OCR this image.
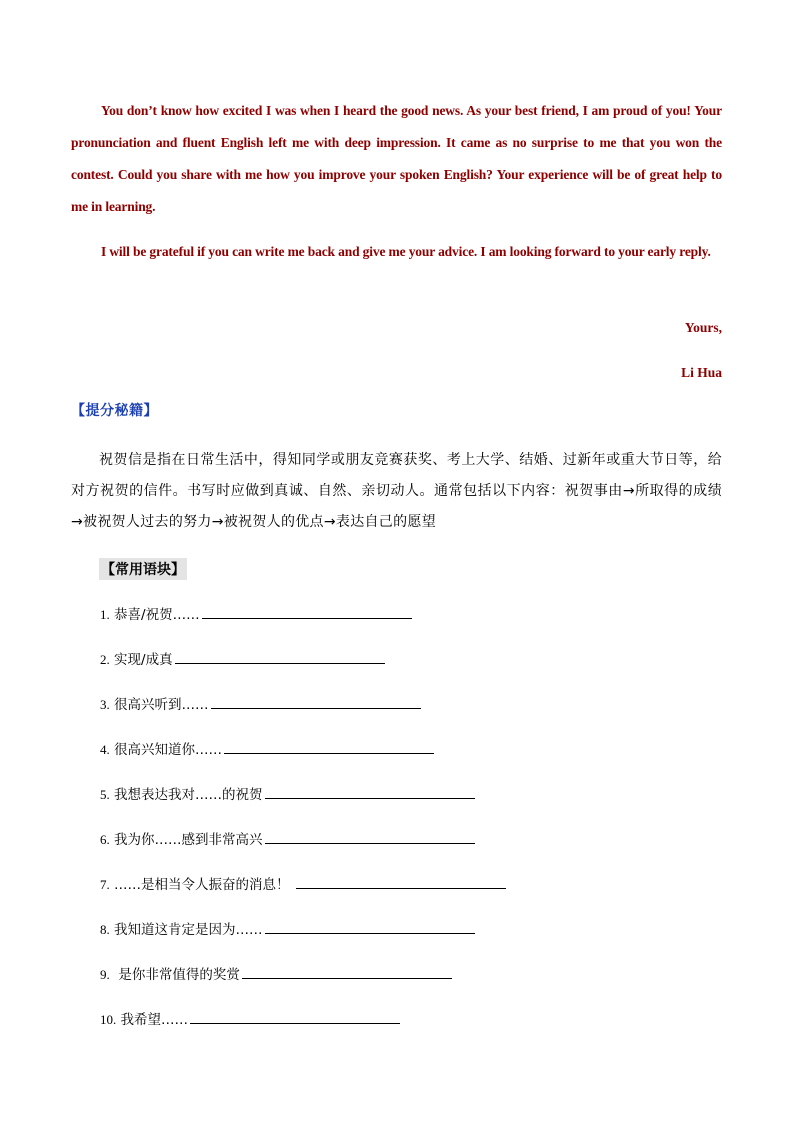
You don’t know how excited I was when I heard the good news. As your best friend, I am proud of you! Your pronunciation and fluent English left me with deep impression. It came as no surprise to me that you won the contest. Could you share with me how you improve your spoken English? Your experience will be of great help to me in learning.
I will be grateful if you can write me back and give me your advice. I am looking forward to your early reply.
Yours,
Li Hua
【提分秘籍】
祝贺信是指在日常生活中，得知同学或朋友竞赛获奖、考上大学、结婚、过新年或重大节日等，给对方祝贺的信件。书写时应做到真诚、自然、亲切动人。通常包括以下内容：祝贺事由→所取得的成绩→被祝贺人过去的努力→被祝贺人的优点→表达自己的愿望
【常用语块】
1. 恭喜/祝贺……
2. 实现/成真
3. 很高兴听到……
4. 很高兴知道你……
5. 我想表达我对……的祝贺
6. 我为你……感到非常高兴
7. ……是相当令人振奋的消息！
8. 我知道这肯定是因为……
9.  是你非常值得的奖赏
10. 我希望……
